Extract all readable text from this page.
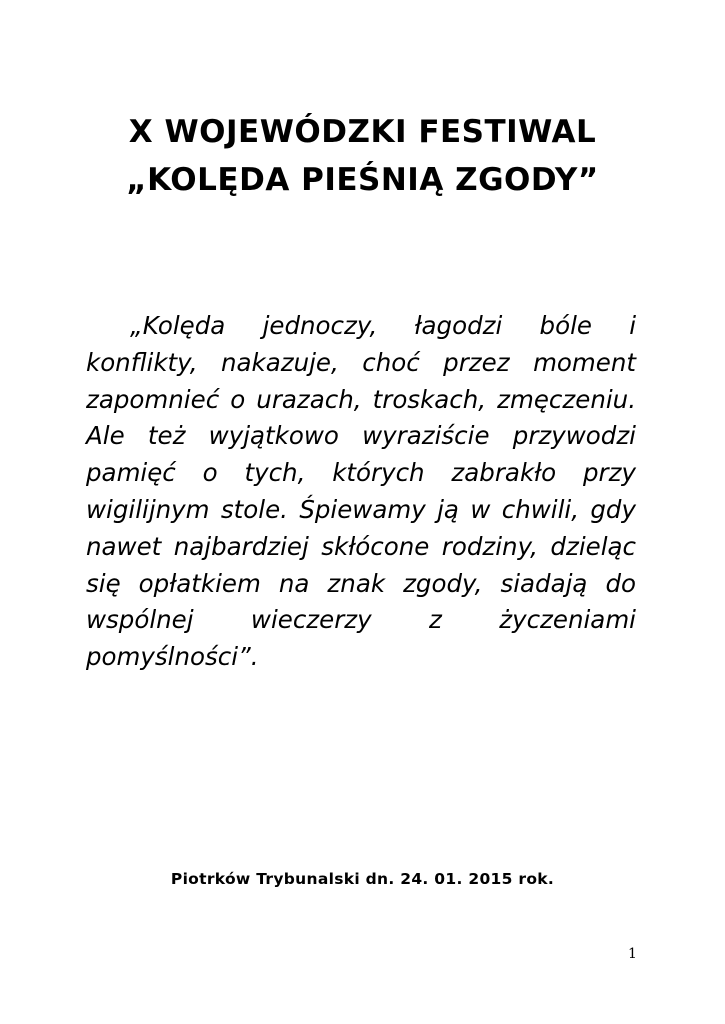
X WOJEWÓDZKI FESTIWAL
„KOLĘDA PIEŚNIĄ ZGODY”

„Kolęda jednoczy, łagodzi bóle i konflikty, nakazuje, choć przez moment zapomnieć o urazach, troskach, zmęczeniu. Ale też wyjątkowo wyraziście przywodzi pamięć o tych, których zabrakło przy wigilijnym stole. Śpiewamy ją w chwili, gdy nawet najbardziej skłócone rodziny, dzieląc się opłatkiem na znak zgody, siadają do wspólnej wieczerzy z życzeniami pomyślności”.

Piotrków Trybunalski dn. 24. 01. 2015 rok.
1
